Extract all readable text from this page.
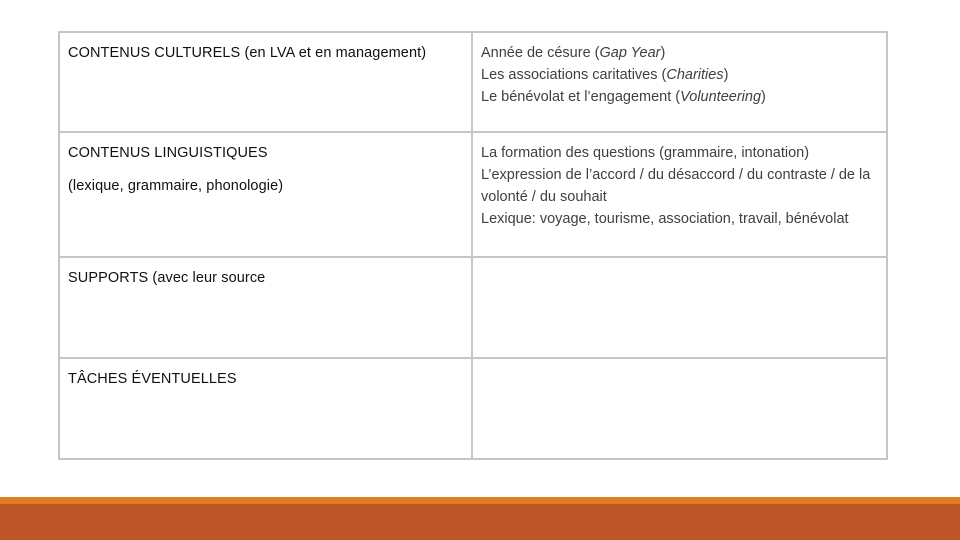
CONTENUS CULTURELS (en LVA et en management)	Année de césure (Gap Year)
Les associations caritatives (Charities)
Le bénévolat et l’engagement (Volunteering)

CONTENUS LINGUISTIQUES
(lexique, grammaire, phonologie)	La formation des questions (grammaire, intonation)
L’expression de l’accord / du désaccord / du contraste / de la volonté / du souhait
Lexique: voyage, tourisme, association, travail, bénévolat

SUPPORTS (avec leur source	

TÂCHES ÉVENTUELLES	
